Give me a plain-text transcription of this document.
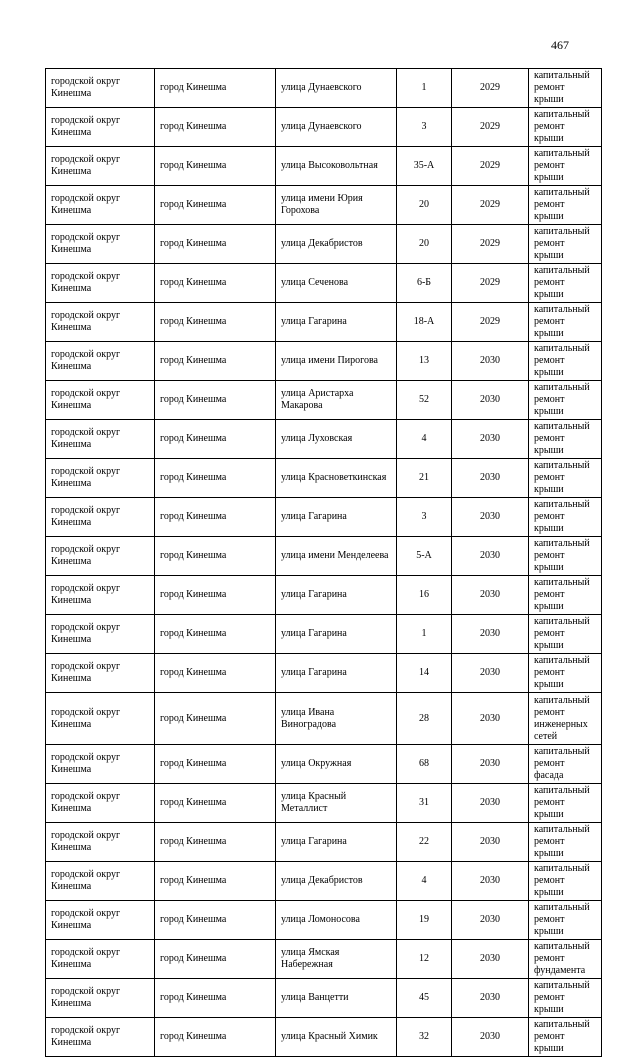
467
городской округ Кинешма	город Кинешма	улица Дунаевского	1	2029	капитальный ремонт крыши
городской округ Кинешма	город Кинешма	улица Дунаевского	3	2029	капитальный ремонт крыши
городской округ Кинешма	город Кинешма	улица Высоковольтная	35-А	2029	капитальный ремонт крыши
городской округ Кинешма	город Кинешма	улица имени Юрия Горохова	20	2029	капитальный ремонт крыши
городской округ Кинешма	город Кинешма	улица Декабристов	20	2029	капитальный ремонт крыши
городской округ Кинешма	город Кинешма	улица Сеченова	6-Б	2029	капитальный ремонт крыши
городской округ Кинешма	город Кинешма	улица Гагарина	18-А	2029	капитальный ремонт крыши
городской округ Кинешма	город Кинешма	улица имени Пирогова	13	2030	капитальный ремонт крыши
городской округ Кинешма	город Кинешма	улица Аристарха Макарова	52	2030	капитальный ремонт крыши
городской округ Кинешма	город Кинешма	улица Луховская	4	2030	капитальный ремонт крыши
городской округ Кинешма	город Кинешма	улица Красноветкинская	21	2030	капитальный ремонт крыши
городской округ Кинешма	город Кинешма	улица Гагарина	3	2030	капитальный ремонт крыши
городской округ Кинешма	город Кинешма	улица имени Менделеева	5-А	2030	капитальный ремонт крыши
городской округ Кинешма	город Кинешма	улица Гагарина	16	2030	капитальный ремонт крыши
городской округ Кинешма	город Кинешма	улица Гагарина	1	2030	капитальный ремонт крыши
городской округ Кинешма	город Кинешма	улица Гагарина	14	2030	капитальный ремонт крыши
городской округ Кинешма	город Кинешма	улица Ивана Виноградова	28	2030	капитальный ремонт инженерных сетей
городской округ Кинешма	город Кинешма	улица Окружная	68	2030	капитальный ремонт фасада
городской округ Кинешма	город Кинешма	улица Красный Металлист	31	2030	капитальный ремонт крыши
городской округ Кинешма	город Кинешма	улица Гагарина	22	2030	капитальный ремонт крыши
городской округ Кинешма	город Кинешма	улица Декабристов	4	2030	капитальный ремонт крыши
городской округ Кинешма	город Кинешма	улица Ломоносова	19	2030	капитальный ремонт крыши
городской округ Кинешма	город Кинешма	улица Ямская Набережная	12	2030	капитальный ремонт фундамента
городской округ Кинешма	город Кинешма	улица Ванцетти	45	2030	капитальный ремонт крыши
городской округ Кинешма	город Кинешма	улица Красный Химик	32	2030	капитальный ремонт крыши
